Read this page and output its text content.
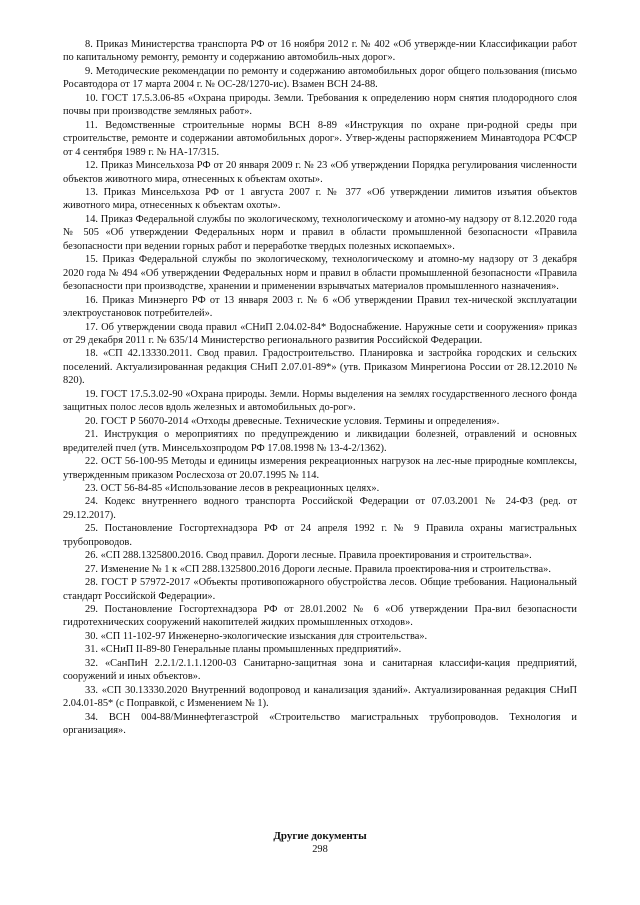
8. Приказ Министерства транспорта РФ от 16 ноября 2012 г. № 402 «Об утвержде-нии Классификации работ по капитальному ремонту, ремонту и содержанию автомобиль-ных дорог».

9. Методические рекомендации по ремонту и содержанию автомобильных дорог общего пользования (письмо Росавтодора от 17 марта 2004 г. № ОС-28/1270-ис). Взамен ВСН 24-88.

10. ГОСТ 17.5.3.06-85 «Охрана природы. Земли. Требования к определению норм снятия плодородного слоя почвы при производстве земляных работ».

11. Ведомственные строительные нормы ВСН 8-89 «Инструкция по охране при-родной среды при строительстве, ремонте и содержании автомобильных дорог». Утвер-ждены распоряжением Минавтодора РСФСР от 4 сентября 1989 г. № НА-17/315.

12. Приказ Минсельхоза РФ от 20 января 2009 г. № 23 «Об утверждении Порядка регулирования численности объектов животного мира, отнесенных к объектам охоты».

13. Приказ Минсельхоза РФ от 1 августа 2007 г. № 377 «Об утверждении лимитов изъятия объектов животного мира, отнесенных к объектам охоты».

14. Приказ Федеральной службы по экологическому, технологическому и атомно-му надзору от 8.12.2020 года № 505 «Об утверждении Федеральных норм и правил в области промышленной безопасности «Правила безопасности при ведении горных работ и переработке твердых полезных ископаемых».

15. Приказ Федеральной службы по экологическому, технологическому и атомно-му надзору от 3 декабря 2020 года № 494 «Об утверждении Федеральных норм и правил в области промышленной безопасности «Правила безопасности при производстве, хранении и применении взрывчатых материалов промышленного назначения».

16. Приказ Минэнерго РФ от 13 января 2003 г. № 6 «Об утверждении Правил тех-нической эксплуатации электроустановок потребителей».

17. Об утверждении свода правил «СНиП 2.04.02-84* Водоснабжение. Наружные сети и сооружения» приказ от 29 декабря 2011 г. № 635/14 Министерство регионального развития Российской Федерации.

18. «СП 42.13330.2011. Свод правил. Градостроительство. Планировка и застройка городских и сельских поселений. Актуализированная редакция СНиП 2.07.01-89*» (утв. Приказом Минрегиона России от 28.12.2010 № 820).

19. ГОСТ 17.5.3.02-90 «Охрана природы. Земли. Нормы выделения на землях государственного лесного фонда защитных полос лесов вдоль железных и автомобильных до-рог».

20. ГОСТ Р 56070-2014 «Отходы древесные. Технические условия. Термины и определения».

21. Инструкция о мероприятиях по предупреждению и ликвидации болезней, отравлений и основных вредителей пчел (утв. Минсельхозпродом РФ 17.08.1998 № 13-4-2/1362).

22. ОСТ 56-100-95 Методы и единицы измерения рекреационных нагрузок на лес-ные природные комплексы, утвержденным приказом Рослесхоза от 20.07.1995 № 114.

23. ОСТ 56-84-85 «Использование лесов в рекреационных целях».

24. Кодекс внутреннего водного транспорта Российской Федерации от 07.03.2001 № 24-ФЗ (ред. от 29.12.2017).

25. Постановление Госгортехнадзора РФ от 24 апреля 1992 г. № 9 Правила охраны магистральных трубопроводов.

26. «СП 288.1325800.2016. Свод правил. Дороги лесные. Правила проектирования и строительства».

27. Изменение № 1 к «СП 288.1325800.2016 Дороги лесные. Правила проектирова-ния и строительства».

28. ГОСТ Р 57972-2017 «Объекты противопожарного обустройства лесов. Общие требования. Национальный стандарт Российской Федерации».

29. Постановление Госгортехнадзора РФ от 28.01.2002 № 6 «Об утверждении Пра-вил безопасности гидротехнических сооружений накопителей жидких промышленных отходов».

30. «СП 11-102-97 Инженерно-экологические изыскания для строительства».

31. «СНиП II-89-80 Генеральные планы промышленных предприятий».

32. «СанПиН 2.2.1/2.1.1.1200-03 Санитарно-защитная зона и санитарная классифи-кация предприятий, сооружений и иных объектов».

33. «СП 30.13330.2020 Внутренний водопровод и канализация зданий». Актуализированная редакция СНиП 2.04.01-85* (с Поправкой, с Изменением № 1).

34. ВСН 004-88/Миннефтегазстрой «Строительство магистральных трубопроводов. Технология и организация».

Другие документы

298
